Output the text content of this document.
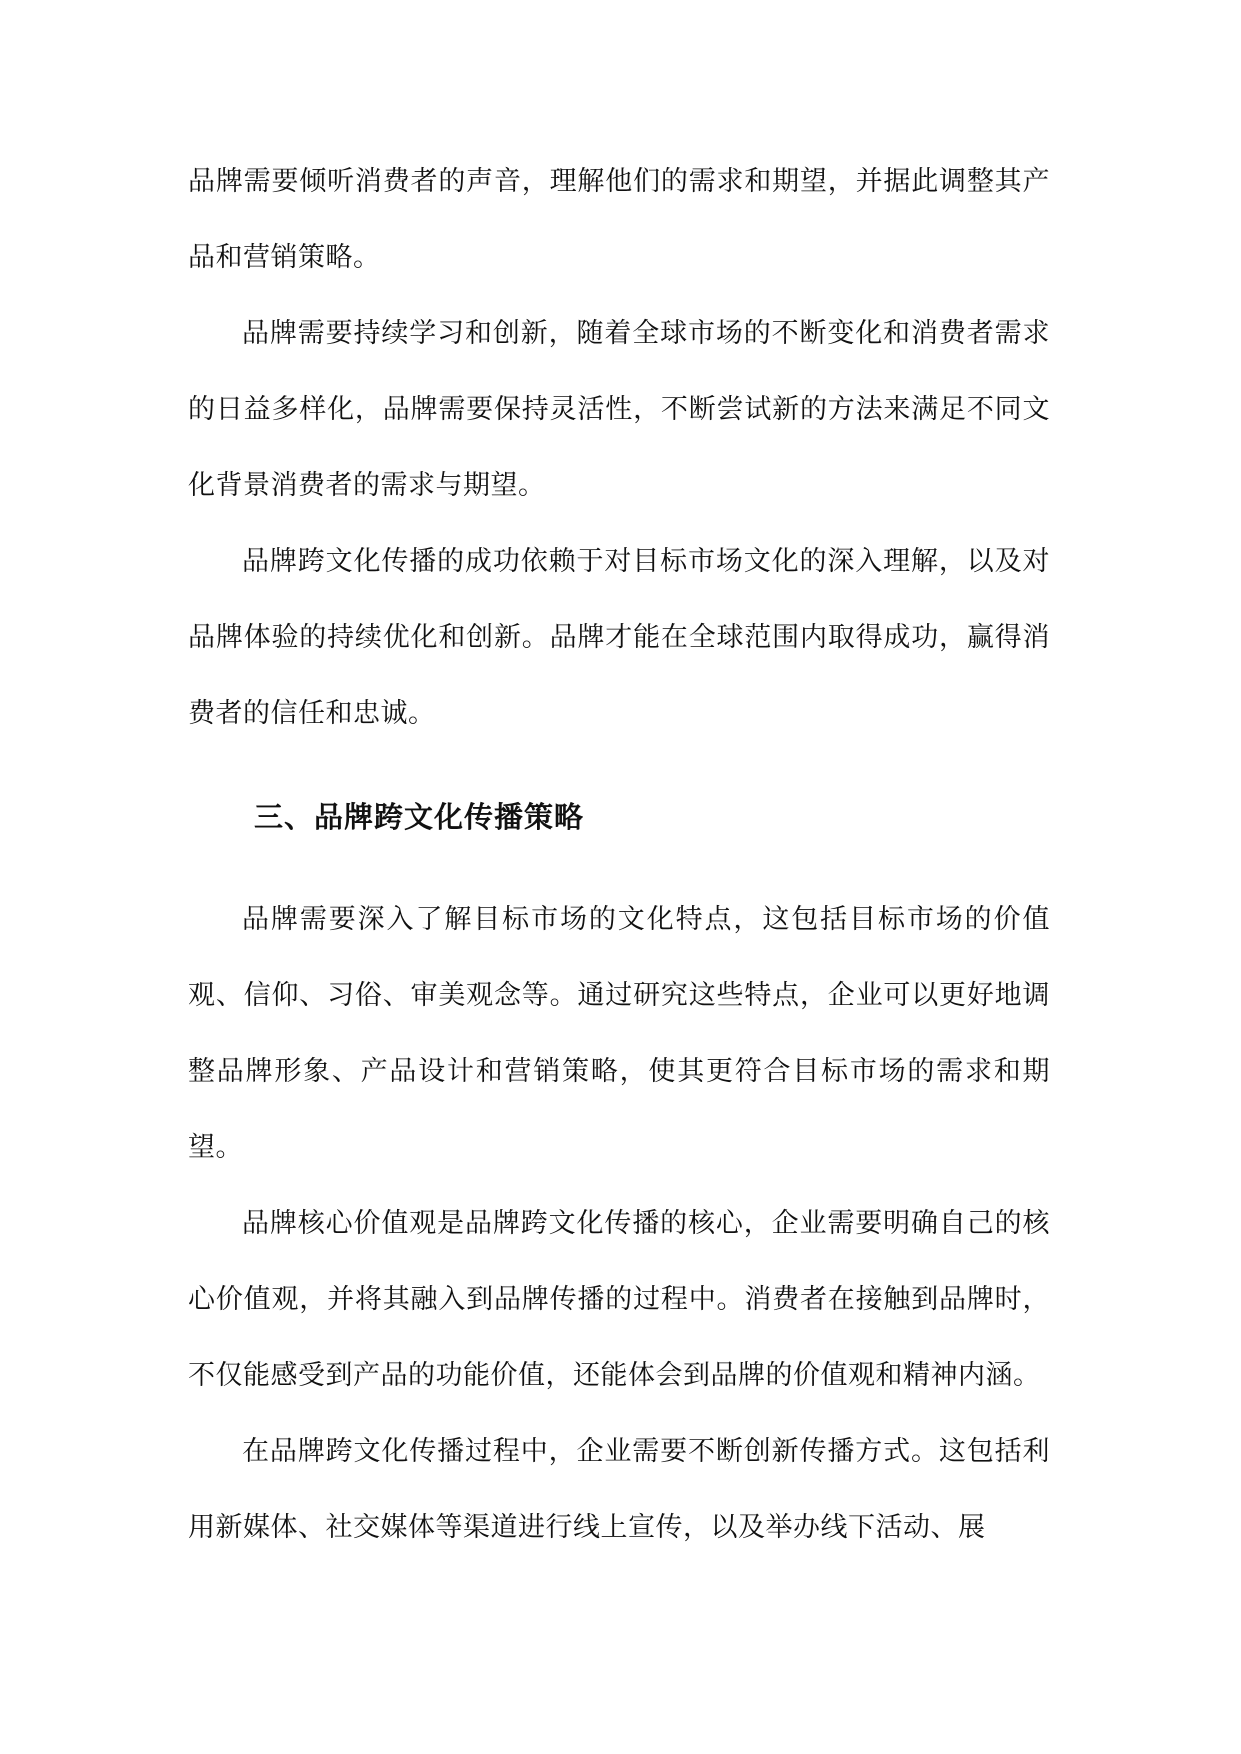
品牌需要倾听消费者的声音，理解他们的需求和期望，并据此调整其产品和营销策略。

品牌需要持续学习和创新，随着全球市场的不断变化和消费者需求的日益多样化，品牌需要保持灵活性，不断尝试新的方法来满足不同文化背景消费者的需求与期望。

品牌跨文化传播的成功依赖于对目标市场文化的深入理解，以及对品牌体验的持续优化和创新。品牌才能在全球范围内取得成功，赢得消费者的信任和忠诚。

三、品牌跨文化传播策略

品牌需要深入了解目标市场的文化特点，这包括目标市场的价值观、信仰、习俗、审美观念等。通过研究这些特点，企业可以更好地调整品牌形象、产品设计和营销策略，使其更符合目标市场的需求和期望。

品牌核心价值观是品牌跨文化传播的核心，企业需要明确自己的核心价值观，并将其融入到品牌传播的过程中。消费者在接触到品牌时，不仅能感受到产品的功能价值，还能体会到品牌的价值观和精神内涵。

在品牌跨文化传播过程中，企业需要不断创新传播方式。这包括利用新媒体、社交媒体等渠道进行线上宣传，以及举办线下活动、展
